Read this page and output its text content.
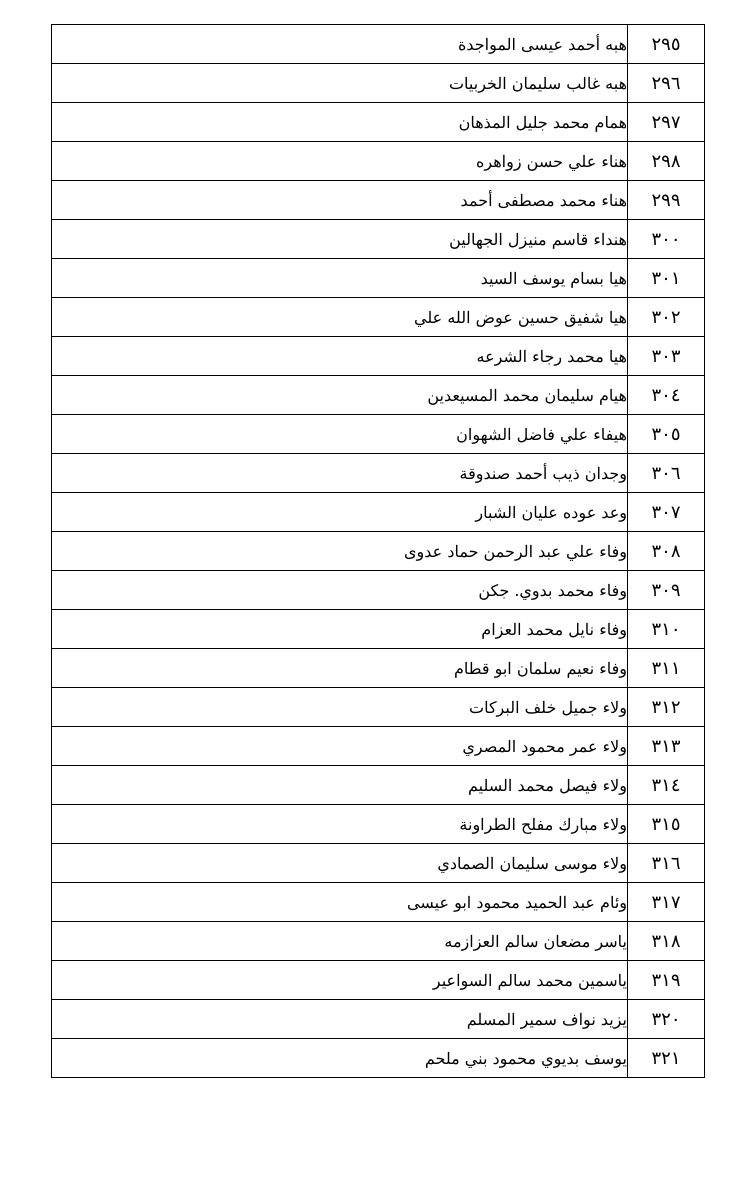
٢٩٥	هبه أحمد عيسى المواجدة
٢٩٦	هبه غالب سليمان الخربيات
٢٩٧	همام محمد جليل المذهان
٢٩٨	هناء علي حسن زواهره
٢٩٩	هناء محمد مصطفى أحمد
٣٠٠	هنداء قاسم منيزل الجهالين
٣٠١	هيا بسام يوسف السيد
٣٠٢	هيا شفيق حسين عوض الله علي
٣٠٣	هيا محمد رجاء الشرعه
٣٠٤	هيام سليمان محمد المسيعدين
٣٠٥	هيفاء علي فاضل الشهوان
٣٠٦	وجدان ذيب أحمد صندوقة
٣٠٧	وعد عوده عليان الشبار
٣٠٨	وفاء علي عبد الرحمن حماد عدوى
٣٠٩	وفاء محمد بدوي. جكن
٣١٠	وفاء نايل محمد العزام
٣١١	وفاء نعيم سلمان ابو قطام
٣١٢	ولاء جميل خلف البركات
٣١٣	ولاء عمر محمود المصري
٣١٤	ولاء فيصل محمد السليم
٣١٥	ولاء مبارك مفلح الطراونة
٣١٦	ولاء موسى سليمان الصمادي
٣١٧	وئام عبد الحميد محمود ابو عيسى
٣١٨	ياسر مضعان سالم العزازمه
٣١٩	ياسمين محمد سالم السواعير
٣٢٠	يزيد نواف سمير المسلم
٣٢١	يوسف بديوي محمود بني ملحم
